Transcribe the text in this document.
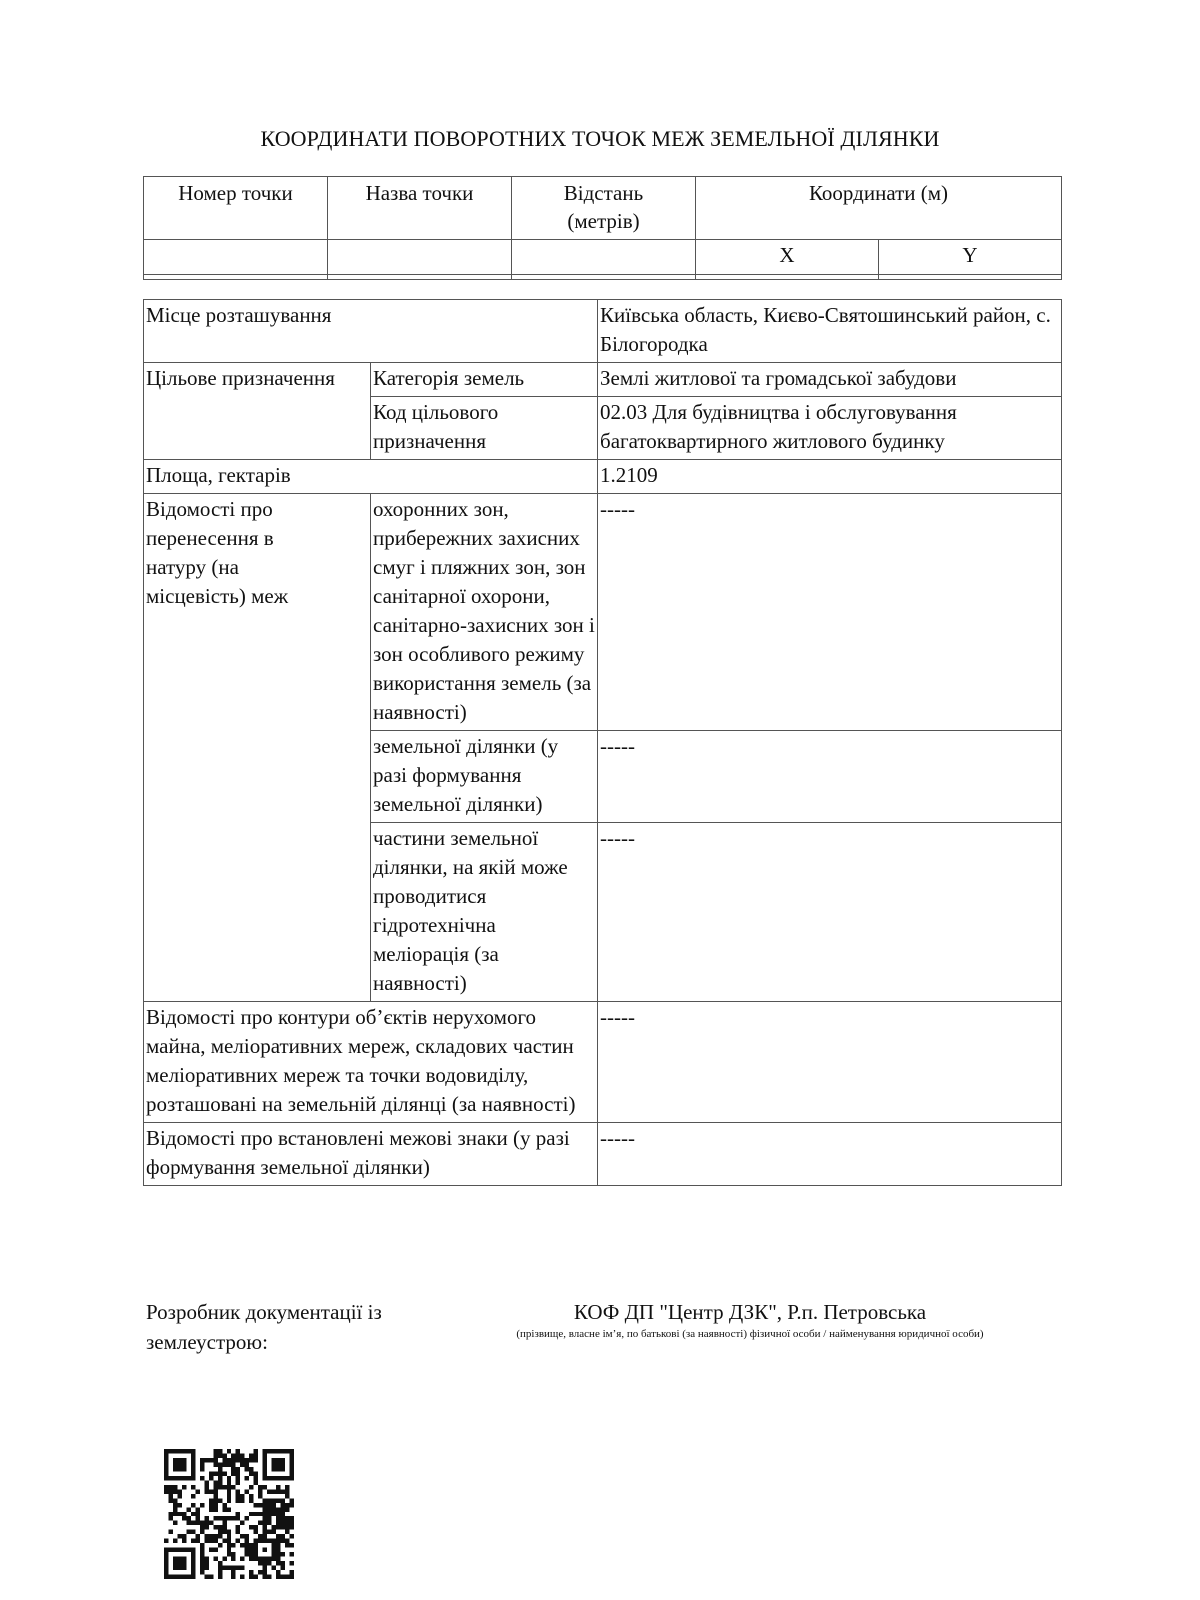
КООРДИНАТИ ПОВОРОТНИХ ТОЧОК МЕЖ ЗЕМЕЛЬНОЇ ДІЛЯНКИ
Номер точки	Назва точки	Відстань (метрів)	Координати (м)	
			X	Y

Місце розташування		Київська область, Києво-Святошинський район, с. Білогородка
Цільове призначення	Категорія земель	Землі житлової та громадської забудови
	Код цільового призначення	02.03 Для будівництва і обслуговування багатоквартирного житлового будинку
Площа, гектарів		1.2109
Відомості про перенесення в натуру (на місцевість) меж	охоронних зон, прибережних захисних смуг і пляжних зон, зон санітарної охорони, санітарно-захисних зон і зон особливого режиму використання земель (за наявності)	-----
	земельної ділянки (у разі формування земельної ділянки)	-----
	частини земельної ділянки, на якій може проводитися гідротехнічна меліорація (за наявності)	-----
Відомості про контури об’єктів нерухомого майна, меліоративних мереж, складових частин меліоративних мереж та точки водовиділу, розташовані на земельній ділянці (за наявності)		-----
Відомості про встановлені межові знаки (у разі формування земельної ділянки)		-----
Розробник документації із землеустрою:
КОФ ДП "Центр ДЗК", Р.п. Петровська
(прізвище, власне ім’я, по батькові (за наявності) фізичної особи / найменування юридичної особи)
